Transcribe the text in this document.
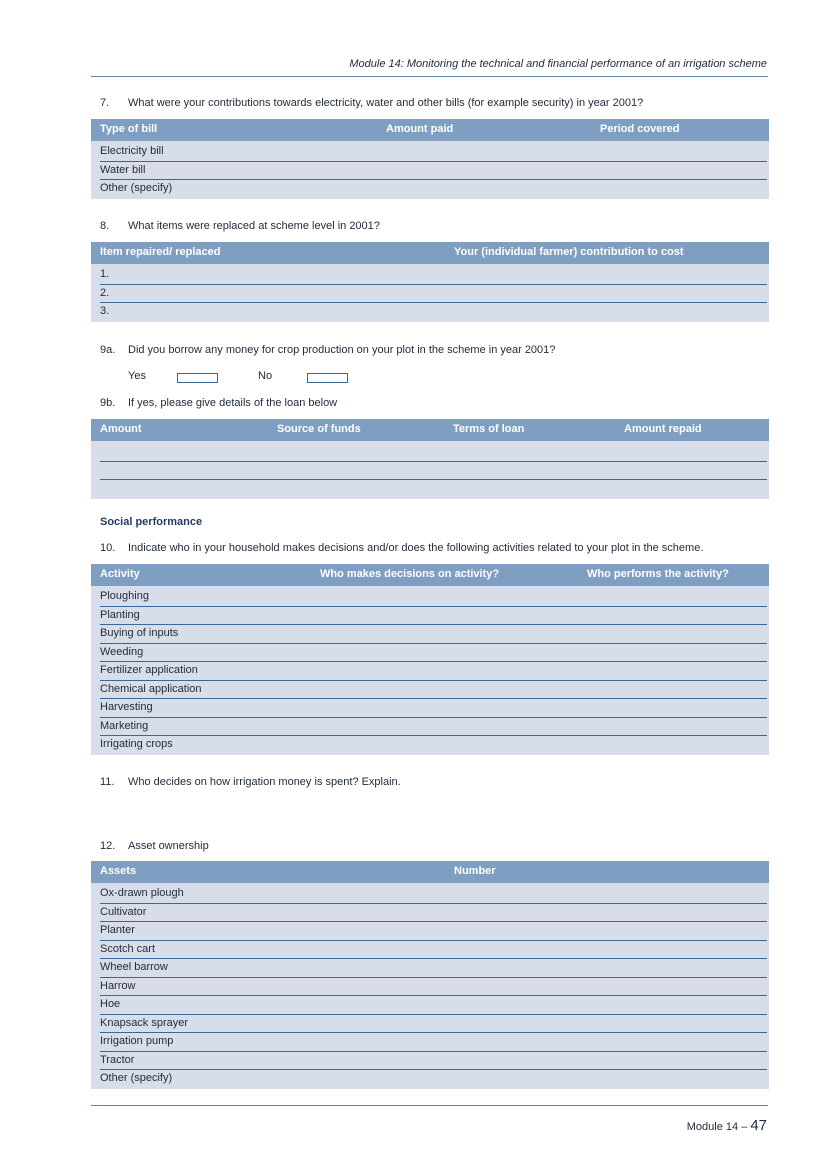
Module 14: Monitoring the technical and financial performance of an irrigation scheme
7. What were your contributions towards electricity, water and other bills (for example security) in year 2001?
Type of bill	Amount paid	Period covered
Electricity bill
Water bill
Other (specify)
8. What items were replaced at scheme level in 2001?
Item repaired/ replaced	Your (individual farmer) contribution to cost
1.
2.
3.
9a. Did you borrow any money for crop production on your plot in the scheme in year 2001?
Yes	No
9b. If yes, please give details of the loan below
Amount	Source of funds	Terms of loan	Amount repaid
Social performance
10. Indicate who in your household makes decisions and/or does the following activities related to your plot in the scheme.
Activity	Who makes decisions on activity?	Who performs the activity?
Ploughing
Planting
Buying of inputs
Weeding
Fertilizer application
Chemical application
Harvesting
Marketing
Irrigating crops
11. Who decides on how irrigation money is spent? Explain.
12. Asset ownership
Assets	Number
Ox-drawn plough
Cultivator
Planter
Scotch cart
Wheel barrow
Harrow
Hoe
Knapsack sprayer
Irrigation pump
Tractor
Other (specify)
Module 14 – 47
